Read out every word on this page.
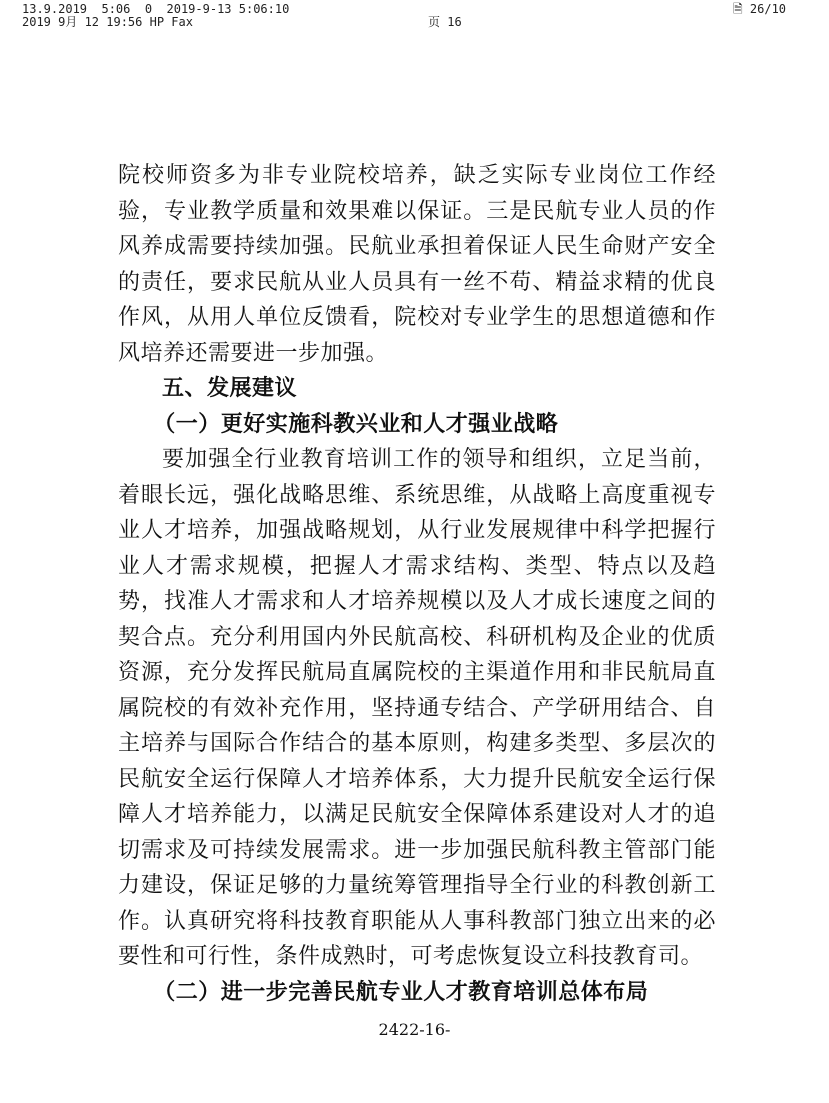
13.9.2019  5:06  0  2019-9-13 5:06:10
2019 9月 12 19:56 HP Fax	页 16
🗎 26/10

院校师资多为非专业院校培养，缺乏实际专业岗位工作经验，专业教学质量和效果难以保证。三是民航专业人员的作风养成需要持续加强。民航业承担着保证人民生命财产安全的责任，要求民航从业人员具有一丝不苟、精益求精的优良作风，从用人单位反馈看，院校对专业学生的思想道德和作风培养还需要进一步加强。

五、发展建议

（一）更好实施科教兴业和人才强业战略

要加强全行业教育培训工作的领导和组织，立足当前，着眼长远，强化战略思维、系统思维，从战略上高度重视专业人才培养，加强战略规划，从行业发展规律中科学把握行业人才需求规模，把握人才需求结构、类型、特点以及趋势，找准人才需求和人才培养规模以及人才成长速度之间的契合点。充分利用国内外民航高校、科研机构及企业的优质资源，充分发挥民航局直属院校的主渠道作用和非民航局直属院校的有效补充作用，坚持通专结合、产学研用结合、自主培养与国际合作结合的基本原则，构建多类型、多层次的民航安全运行保障人才培养体系，大力提升民航安全运行保障人才培养能力，以满足民航安全保障体系建设对人才的追切需求及可持续发展需求。进一步加强民航科教主管部门能力建设，保证足够的力量统筹管理指导全行业的科教创新工作。认真研究将科技教育职能从人事科教部门独立出来的必要性和可行性，条件成熟时，可考虑恢复设立科技教育司。

（二）进一步完善民航专业人才教育培训总体布局

2422-16-
